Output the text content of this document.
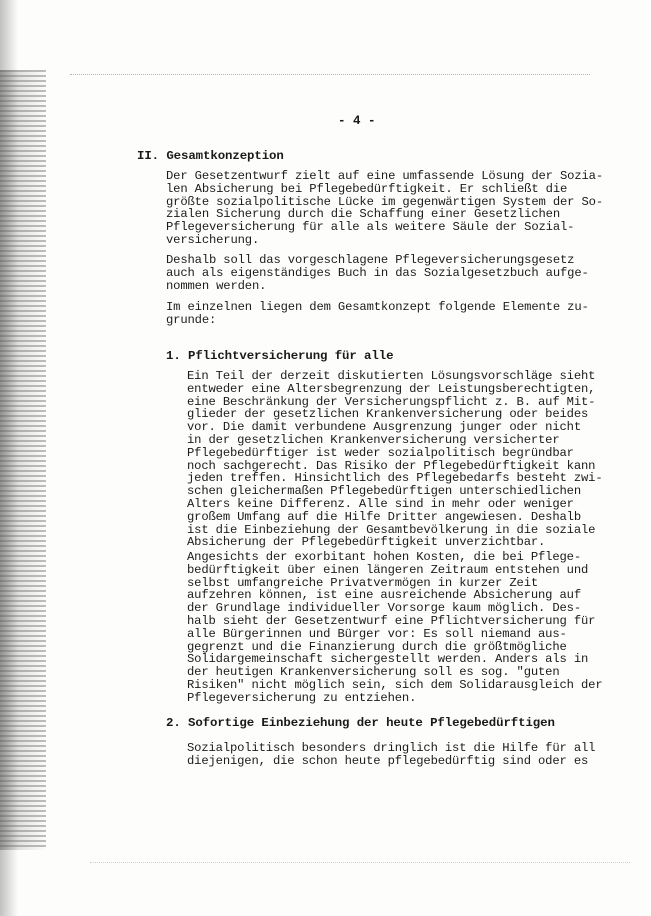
- 4 -
II. Gesamtkonzeption
Der Gesetzentwurf zielt auf eine umfassende Lösung der Sozia-
len Absicherung bei Pflegebedürftigkeit. Er schließt die
größte sozialpolitische Lücke im gegenwärtigen System der So-
zialen Sicherung durch die Schaffung einer Gesetzlichen
Pflegeversicherung für alle als weitere Säule der Sozial-
versicherung.
Deshalb soll das vorgeschlagene Pflegeversicherungsgesetz
auch als eigenständiges Buch in das Sozialgesetzbuch aufge-
nommen werden.
Im einzelnen liegen dem Gesamtkonzept folgende Elemente zu-
grunde:
1. Pflichtversicherung für alle
Ein Teil der derzeit diskutierten Lösungsvorschläge sieht
entweder eine Altersbegrenzung der Leistungsberechtigten,
eine Beschränkung der Versicherungspflicht z. B. auf Mit-
glieder der gesetzlichen Krankenversicherung oder beides
vor. Die damit verbundene Ausgrenzung junger oder nicht
in der gesetzlichen Krankenversicherung versicherter
Pflegebedürftiger ist weder sozialpolitisch begründbar
noch sachgerecht. Das Risiko der Pflegebedürftigkeit kann
jeden treffen. Hinsichtlich des Pflegebedarfs besteht zwi-
schen gleichermaßen Pflegebedürftigen unterschiedlichen
Alters keine Differenz. Alle sind in mehr oder weniger
großem Umfang auf die Hilfe Dritter angewiesen. Deshalb
ist die Einbeziehung der Gesamtbevölkerung in die soziale
Absicherung der Pflegebedürftigkeit unverzichtbar.
Angesichts der exorbitant hohen Kosten, die bei Pflege-
bedürftigkeit über einen längeren Zeitraum entstehen und
selbst umfangreiche Privatvermögen in kurzer Zeit
aufzehren können, ist eine ausreichende Absicherung auf
der Grundlage individueller Vorsorge kaum möglich. Des-
halb sieht der Gesetzentwurf eine Pflichtversicherung für
alle Bürgerinnen und Bürger vor: Es soll niemand aus-
gegrenzt und die Finanzierung durch die größtmögliche
Solidargemeinschaft sichergestellt werden. Anders als in
der heutigen Krankenversicherung soll es sog. "guten
Risiken" nicht möglich sein, sich dem Solidarausgleich der
Pflegeversicherung zu entziehen.
2. Sofortige Einbeziehung der heute Pflegebedürftigen
Sozialpolitisch besonders dringlich ist die Hilfe für all
diejenigen, die schon heute pflegebedürftig sind oder es
